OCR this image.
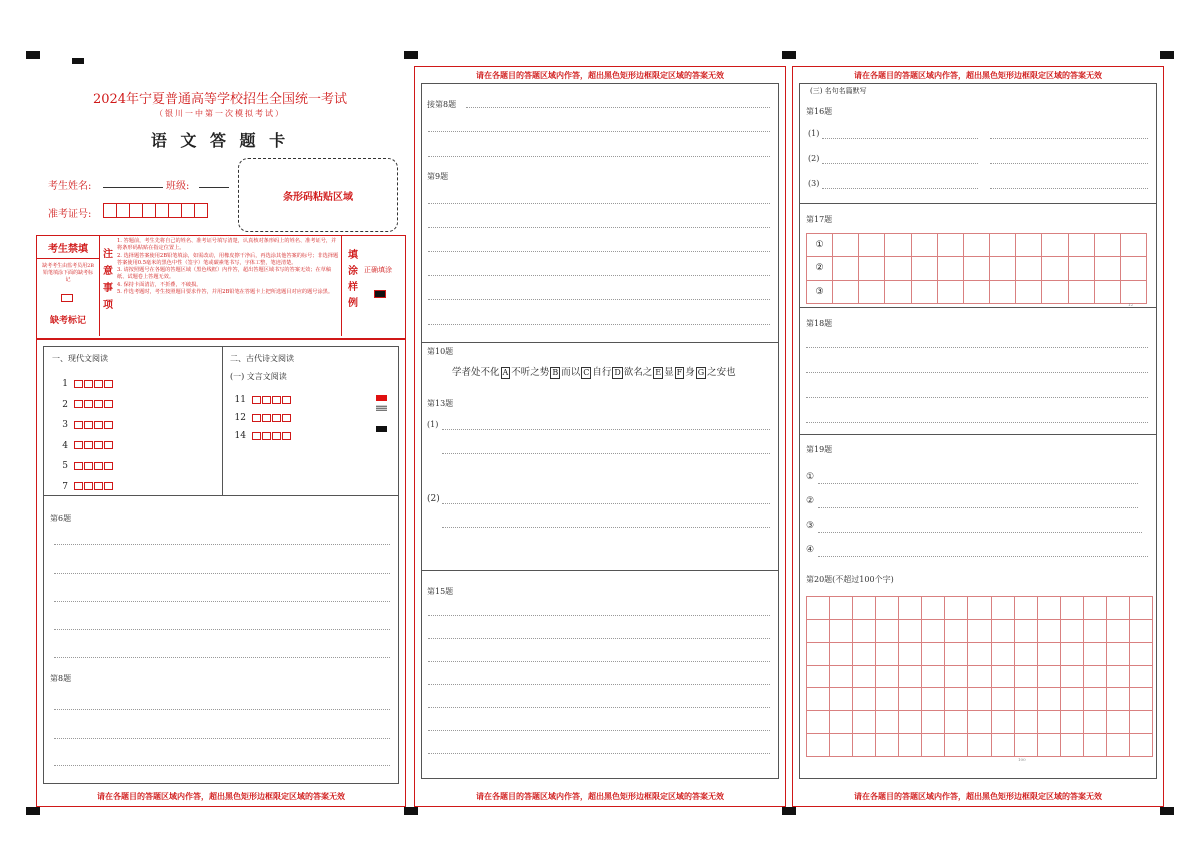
2024年宁夏普通高等学校招生全国统一考试
（银川一中第一次模拟考试）
语 文 答 题 卡
考生姓名:	班级:
准考证号:
条形码粘贴区域
考生禁填
缺考考生由监考员用2B铅笔填涂下面的缺考标记
缺考标记
注
意
事
项
1. 答题前，考生先将自己的姓名、准考证号填写清楚，认真核对条形码上的姓名、准考证号，并将条形码粘贴在指定位置上。
2. 选择题答案使用2B铅笔填涂，如需改动，用橡皮擦干净后，再选涂其他答案的标号；非选择题答案使用0.5毫米的黑色中性（签字）笔或碳素笔书写，字体工整，笔迹清楚。
3. 请按照题号在各题的答题区域（黑色线框）内作答，超出答题区域书写的答案无效；在草稿纸、试题卷上答题无效。
4. 保持卡面清洁，不折叠，不破损。
5. 作选考题时，考生按照题目要求作答，并用2B铅笔在答题卡上把所选题目对应的题号涂黑。
填
涂
样
例
正确填涂
一、现代文阅读	二、古代诗文阅读
(一) 文言文阅读
1
2
3
4
5
7
11
12
14
第6题
第8题
请在各题目的答题区域内作答，超出黑色矩形边框限定区域的答案无效
请在各题目的答题区域内作答，超出黑色矩形边框限定区域的答案无效
接第8题
第9题
第10题
学者处不化 A 不听之势 B 而以 C 自行 D 欲名之 E 显 F 身 G 之安也
第13题
(1)
(2)
第15题
请在各题目的答题区域内作答，超出黑色矩形边框限定区域的答案无效
请在各题目的答题区域内作答，超出黑色矩形边框限定区域的答案无效
(三) 名句名篇默写
第16题
(1)
(2)
(3)
第17题
①
②
③
12
第18题
第19题
①
②
③
④
第20题(不超过100个字)
100
请在各题目的答题区域内作答，超出黑色矩形边框限定区域的答案无效
